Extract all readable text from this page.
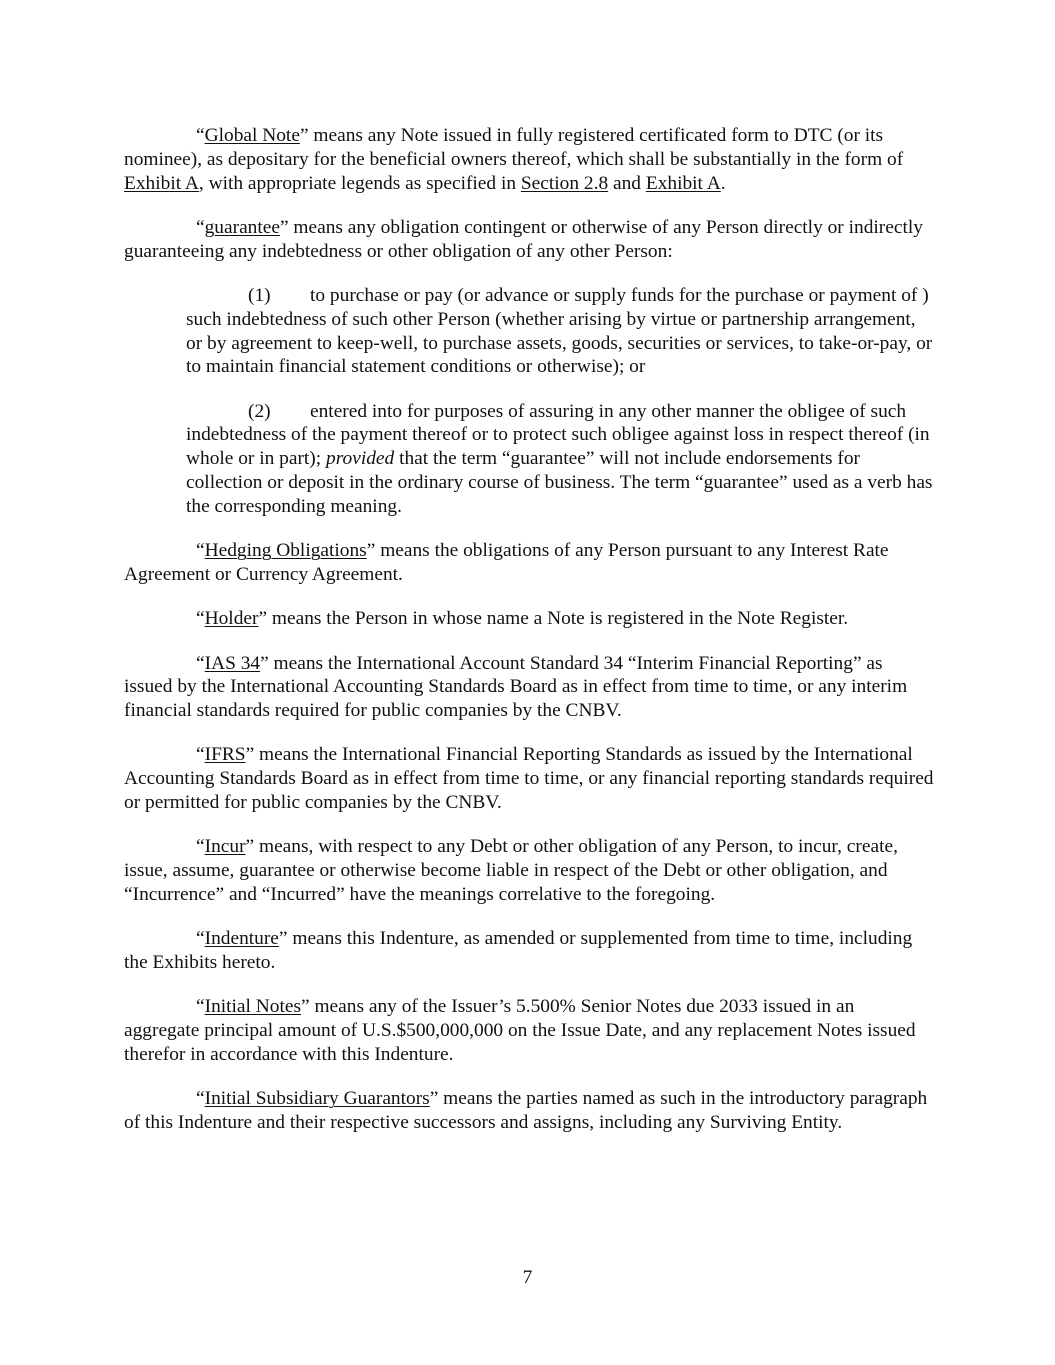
“Global Note” means any Note issued in fully registered certificated form to DTC (or its nominee), as depositary for the beneficial owners thereof, which shall be substantially in the form of Exhibit A, with appropriate legends as specified in Section 2.8 and Exhibit A.

“guarantee” means any obligation contingent or otherwise of any Person directly or indirectly guaranteeing any indebtedness or other obligation of any other Person:

(1) to purchase or pay (or advance or supply funds for the purchase or payment of ) such indebtedness of such other Person (whether arising by virtue or partnership arrangement, or by agreement to keep-well, to purchase assets, goods, securities or services, to take-or-pay, or to maintain financial statement conditions or otherwise); or

(2) entered into for purposes of assuring in any other manner the obligee of such indebtedness of the payment thereof or to protect such obligee against loss in respect thereof (in whole or in part); provided that the term “guarantee” will not include endorsements for collection or deposit in the ordinary course of business. The term “guarantee” used as a verb has the corresponding meaning.

“Hedging Obligations” means the obligations of any Person pursuant to any Interest Rate Agreement or Currency Agreement.

“Holder” means the Person in whose name a Note is registered in the Note Register.

“IAS 34” means the International Account Standard 34 “Interim Financial Reporting” as issued by the International Accounting Standards Board as in effect from time to time, or any interim financial standards required for public companies by the CNBV.

“IFRS” means the International Financial Reporting Standards as issued by the International Accounting Standards Board as in effect from time to time, or any financial reporting standards required or permitted for public companies by the CNBV.

“Incur” means, with respect to any Debt or other obligation of any Person, to incur, create, issue, assume, guarantee or otherwise become liable in respect of the Debt or other obligation, and “Incurrence” and “Incurred” have the meanings correlative to the foregoing.

“Indenture” means this Indenture, as amended or supplemented from time to time, including the Exhibits hereto.

“Initial Notes” means any of the Issuer’s 5.500% Senior Notes due 2033 issued in an aggregate principal amount of U.S.$500,000,000 on the Issue Date, and any replacement Notes issued therefor in accordance with this Indenture.

“Initial Subsidiary Guarantors” means the parties named as such in the introductory paragraph of this Indenture and their respective successors and assigns, including any Surviving Entity.

7
